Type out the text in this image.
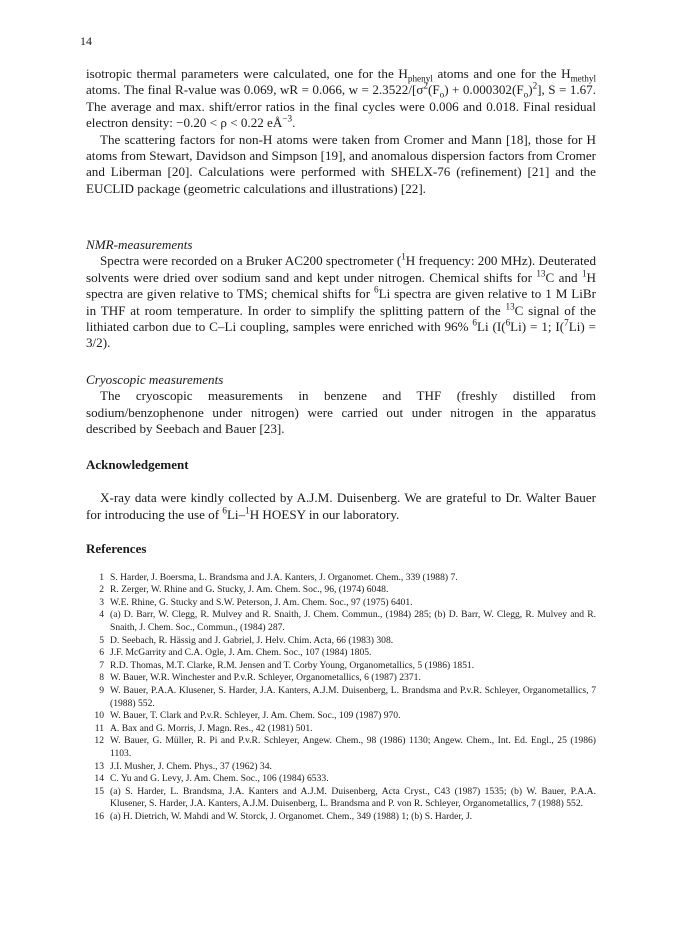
14

isotropic thermal parameters were calculated, one for the $H_{phenyl}$ atoms and one for the $H_{methyl}$ atoms. The final R-value was 0.069, wR = 0.066, $w = 2.3522/[\sigma^2(F_o) + 0.000302(F_o)^2]$, S = 1.67. The average and max. shift/error ratios in the final cycles were 0.006 and 0.018. Final residual electron density: −0.20 < ρ < 0.22 $eÅ^{-3}$.

The scattering factors for non-H atoms were taken from Cromer and Mann [18], those for H atoms from Stewart, Davidson and Simpson [19], and anomalous dispersion factors from Cromer and Liberman [20]. Calculations were performed with SHELX-76 (refinement) [21] and the EUCLID package (geometric calculations and illustrations) [22].

NMR-measurements

Spectra were recorded on a Bruker AC200 spectrometer ($^1$H frequency: 200 MHz). Deuterated solvents were dried over sodium sand and kept under nitrogen. Chemical shifts for $^{13}$C and $^1$H spectra are given relative to TMS; chemical shifts for $^6$Li spectra are given relative to 1 M LiBr in THF at room temperature. In order to simplify the splitting pattern of the $^{13}$C signal of the lithiated carbon due to C–Li coupling, samples were enriched with 96% $^6$Li (I($^6$Li) = 1; I($^7$Li) = 3/2).

Cryoscopic measurements

The cryoscopic measurements in benzene and THF (freshly distilled from sodium/benzophenone under nitrogen) were carried out under nitrogen in the apparatus described by Seebach and Bauer [23].

Acknowledgement

X-ray data were kindly collected by A.J.M. Duisenberg. We are grateful to Dr. Walter Bauer for introducing the use of $^6$Li–$^1$H HOESY in our laboratory.

References

1 S. Harder, J. Boersma, L. Brandsma and J.A. Kanters, J. Organomet. Chem., 339 (1988) 7.
2 R. Zerger, W. Rhine and G. Stucky, J. Am. Chem. Soc., 96, (1974) 6048.
3 W.E. Rhine, G. Stucky and S.W. Peterson, J. Am. Chem. Soc., 97 (1975) 6401.
4 (a) D. Barr, W. Clegg, R. Mulvey and R. Snaith, J. Chem. Commun., (1984) 285; (b) D. Barr, W. Clegg, R. Mulvey and R. Snaith, J. Chem. Soc., Commun., (1984) 287.
5 D. Seebach, R. Hässig and J. Gabriel, J. Helv. Chim. Acta, 66 (1983) 308.
6 J.F. McGarrity and C.A. Ogle, J. Am. Chem. Soc., 107 (1984) 1805.
7 R.D. Thomas, M.T. Clarke, R.M. Jensen and T. Corby Young, Organometallics, 5 (1986) 1851.
8 W. Bauer, W.R. Winchester and P.v.R. Schleyer, Organometallics, 6 (1987) 2371.
9 W. Bauer, P.A.A. Klusener, S. Harder, J.A. Kanters, A.J.M. Duisenberg, L. Brandsma and P.v.R. Schleyer, Organometallics, 7 (1988) 552.
10 W. Bauer, T. Clark and P.v.R. Schleyer, J. Am. Chem. Soc., 109 (1987) 970.
11 A. Bax and G. Morris, J. Magn. Res., 42 (1981) 501.
12 W. Bauer, G. Müller, R. Pi and P.v.R. Schleyer, Angew. Chem., 98 (1986) 1130; Angew. Chem., Int. Ed. Engl., 25 (1986) 1103.
13 J.I. Musher, J. Chem. Phys., 37 (1962) 34.
14 C. Yu and G. Levy, J. Am. Chem. Soc., 106 (1984) 6533.
15 (a) S. Harder, L. Brandsma, J.A. Kanters and A.J.M. Duisenberg, Acta Cryst., C43 (1987) 1535; (b) W. Bauer, P.A.A. Klusener, S. Harder, J.A. Kanters, A.J.M. Duisenberg, L. Brandsma and P. von R. Schleyer, Organometallics, 7 (1988) 552.
16 (a) H. Dietrich, W. Mahdi and W. Storck, J. Organomet. Chem., 349 (1988) 1; (b) S. Harder, J.
